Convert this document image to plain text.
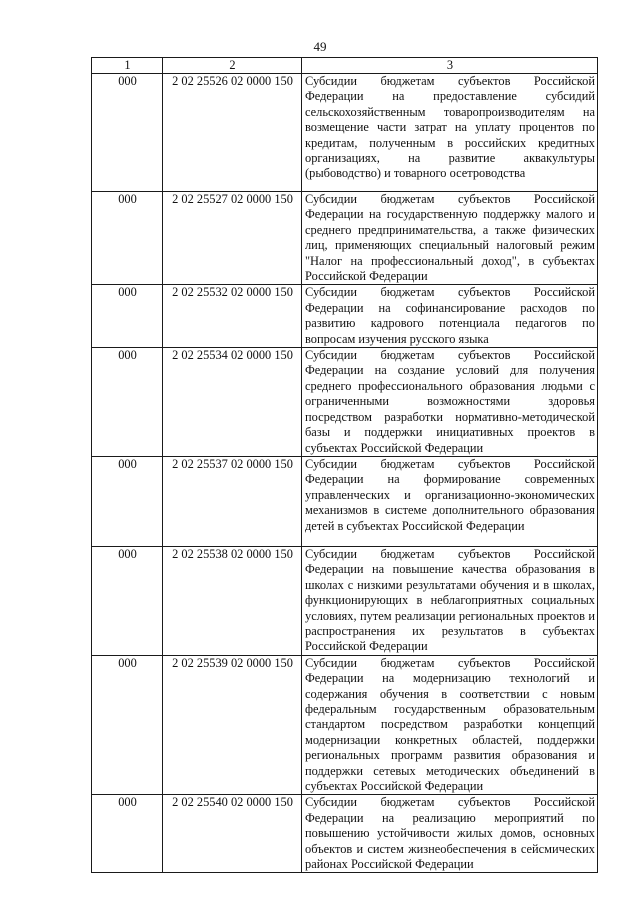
49
1	2	3
000	2 02 25526 02 0000 150	Субсидии бюджетам субъектов Российской Федерации на предоставление субсидий сельскохозяйственным товаропроизводителям на возмещение части затрат на уплату процентов по кредитам, полученным в российских кредитных организациях, на развитие аквакультуры (рыбоводство) и товарного осетроводства
000	2 02 25527 02 0000 150	Субсидии бюджетам субъектов Российской Федерации на государственную поддержку малого и среднего предпринимательства, а также физических лиц, применяющих специальный налоговый режим "Налог на профессиональный доход", в субъектах Российской Федерации
000	2 02 25532 02 0000 150	Субсидии бюджетам субъектов Российской Федерации на софинансирование расходов по развитию кадрового потенциала педагогов по вопросам изучения русского языка
000	2 02 25534 02 0000 150	Субсидии бюджетам субъектов Российской Федерации на создание условий для получения среднего профессионального образования людьми с ограниченными возможностями здоровья посредством разработки нормативно-методической базы и поддержки инициативных проектов в субъектах Российской Федерации
000	2 02 25537 02 0000 150	Субсидии бюджетам субъектов Российской Федерации на формирование современных управленческих и организационно-экономических механизмов в системе дополнительного образования детей в субъектах Российской Федерации
000	2 02 25538 02 0000 150	Субсидии бюджетам субъектов Российской Федерации на повышение качества образования в школах с низкими результатами обучения и в школах, функционирующих в неблагоприятных социальных условиях, путем реализации региональных проектов и распространения их результатов в субъектах Российской Федерации
000	2 02 25539 02 0000 150	Субсидии бюджетам субъектов Российской Федерации на модернизацию технологий и содержания обучения в соответствии с новым федеральным государственным образовательным стандартом посредством разработки концепций модернизации конкретных областей, поддержки региональных программ развития образования и поддержки сетевых методических объединений в субъектах Российской Федерации
000	2 02 25540 02 0000 150	Субсидии бюджетам субъектов Российской Федерации на реализацию мероприятий по повышению устойчивости жилых домов, основных объектов и систем жизнеобеспечения в сейсмических районах Российской Федерации
